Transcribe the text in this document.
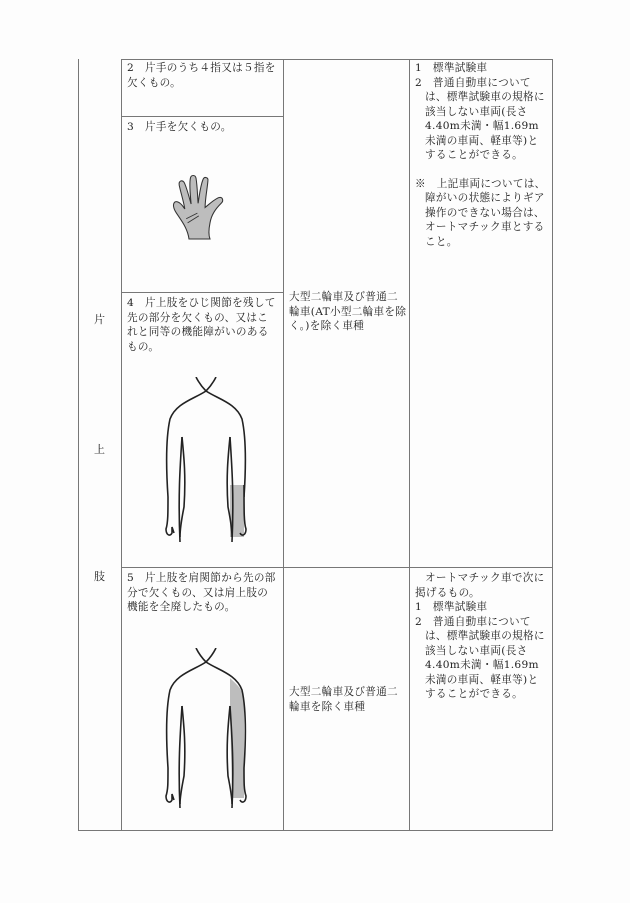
片
上
肢

2　片手のうち４指又は５指を欠くもの。

3　片手を欠くもの。

4　片上肢をひじ関節を残して先の部分を欠くもの、又はこれと同等の機能障がいのあるもの。

5　片上肢を肩関節から先の部分で欠くもの、又は肩上肢の機能を全廃したもの。

大型二輪車及び普通二輪車(AT小型二輪車を除く。)を除く車種

大型二輪車及び普通二輪車を除く車種

1　標準試験車

2　普通自動車については、標準試験車の規格に該当しない車両(長さ4.40m未満・幅1.69m未満の車両、軽車等)とすることができる。

※　上記車両については、障がいの状態によりギア操作のできない場合は、オートマチック車とすること。

オートマチック車で次に掲げるもの。

1　標準試験車

2　普通自動車については、標準試験車の規格に該当しない車両(長さ4.40m未満・幅1.69m未満の車両、軽車等)とすることができる。
